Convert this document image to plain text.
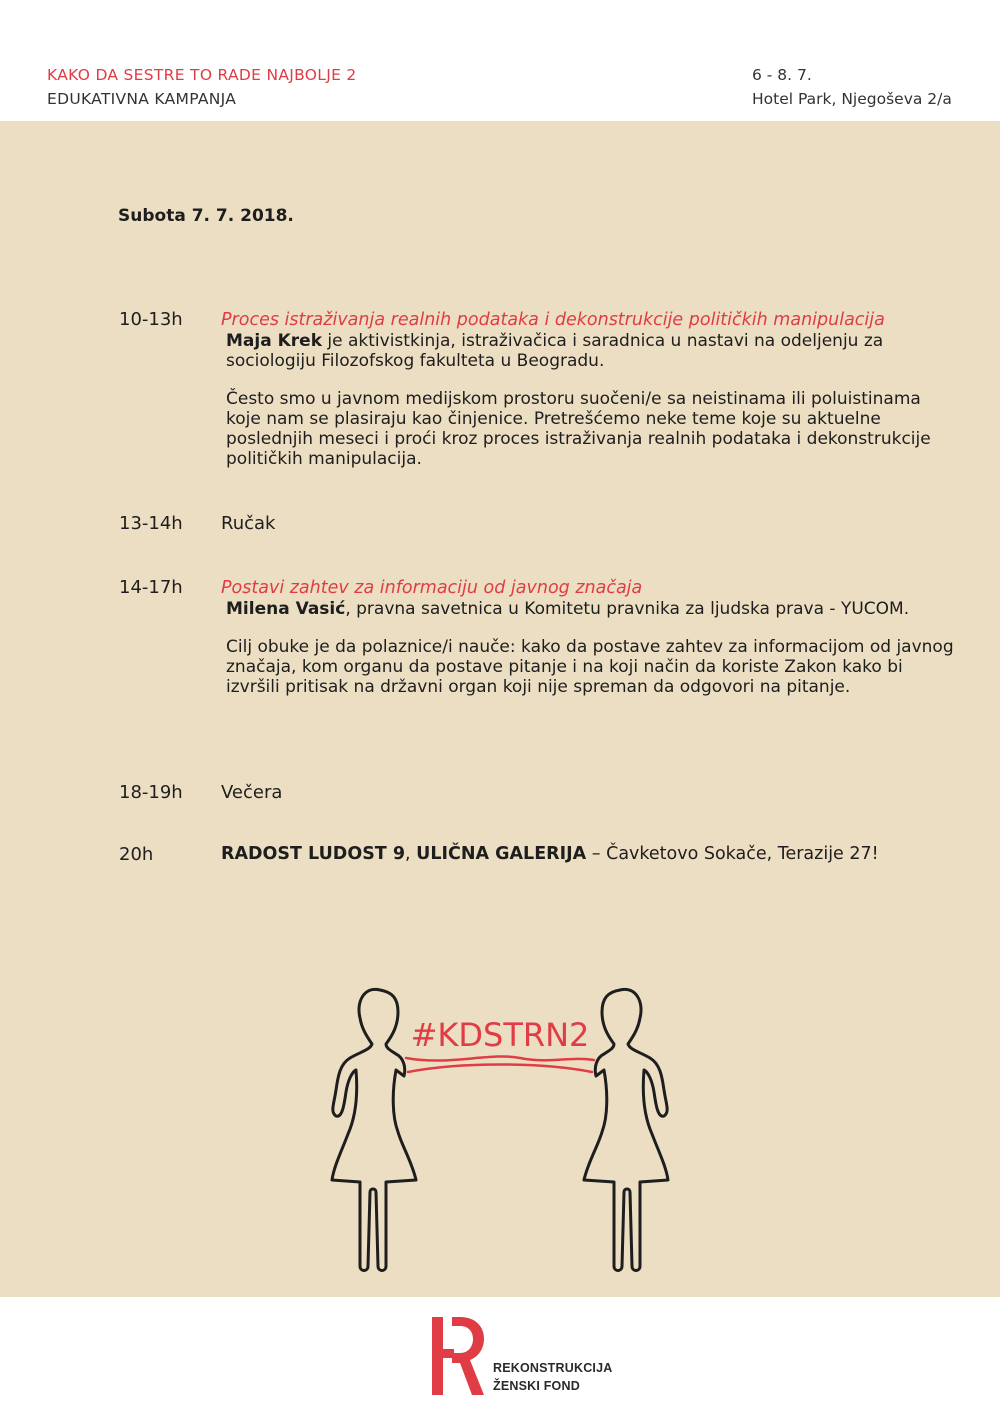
KAKO DA SESTRE TO RADE NAJBOLJE 2
EDUKATIVNA KAMPANJA
6 - 8. 7.
Hotel Park, Njegoševa 2/a
Subota 7. 7. 2018.
10-13h Proces istraživanja realnih podataka i dekonstrukcije političkih manipulacija
Maja Krek je aktivistkinja, istraživačica i saradnica u nastavi na odeljenju za sociologiju Filozofskog fakulteta u Beogradu.
Često smo u javnom medijskom prostoru suočeni/e sa neistinama ili poluistinama koje nam se plasiraju kao činjenice. Pretrešćemo neke teme koje su aktuelne poslednjih meseci i proći kroz proces istraživanja realnih podataka i dekonstrukcije političkih manipulacija.
13-14h Ručak
14-17h Postavi zahtev za informaciju od javnog značaja
Milena Vasić, pravna savetnica u Komitetu pravnika za ljudska prava - YUCOM.
Cilj obuke je da polaznice/i nauče: kako da postave zahtev za informacijom od javnog značaja, kom organu da postave pitanje i na koji način da koriste Zakon kako bi izvršili pritisak na državni organ koji nije spreman da odgovori na pitanje.
18-19h Večera
20h	RADOST LUDOST 9, ULIČNA GALERIJA – Čavketovo Sokače, Terazije 27!
#KDSTRN2
REKONSTRUKCIJA
ŽENSKI FOND
